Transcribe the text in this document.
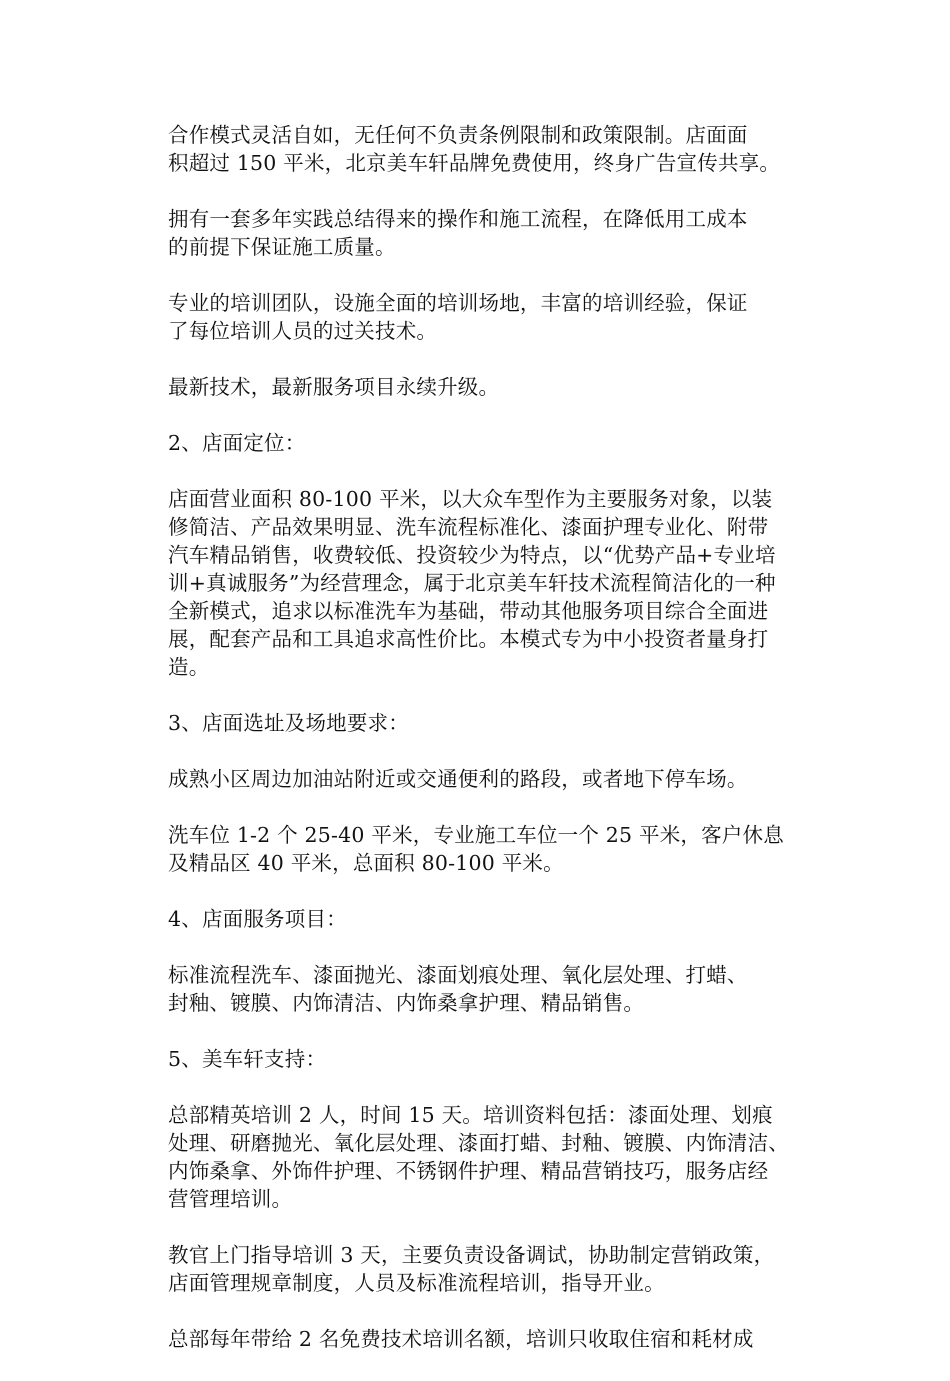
合作模式灵活自如，无任何不负责条例限制和政策限制。店面面
积超过 150 平米，北京美车轩品牌免费使用，终身广告宣传共享。

拥有一套多年实践总结得来的操作和施工流程，在降低用工成本
的前提下保证施工质量。

专业的培训团队，设施全面的培训场地，丰富的培训经验，保证
了每位培训人员的过关技术。

最新技术，最新服务项目永续升级。

2、店面定位：

店面营业面积 80-100 平米，以大众车型作为主要服务对象，以装
修简洁、产品效果明显、洗车流程标准化、漆面护理专业化、附带
汽车精品销售，收费较低、投资较少为特点，以“优势产品+专业培
训+真诚服务”为经营理念，属于北京美车轩技术流程简洁化的一种
全新模式，追求以标准洗车为基础，带动其他服务项目综合全面进
展，配套产品和工具追求高性价比。本模式专为中小投资者量身打
造。

3、店面选址及场地要求：

成熟小区周边加油站附近或交通便利的路段，或者地下停车场。

洗车位 1-2 个 25-40 平米，专业施工车位一个 25 平米，客户休息
及精品区 40 平米，总面积 80-100 平米。

4、店面服务项目：

标准流程洗车、漆面抛光、漆面划痕处理、氧化层处理、打蜡、
封釉、镀膜、内饰清洁、内饰桑拿护理、精品销售。

5、美车轩支持：

总部精英培训 2 人，时间 15 天。培训资料包括：漆面处理、划痕
处理、研磨抛光、氧化层处理、漆面打蜡、封釉、镀膜、内饰清洁、
内饰桑拿、外饰件护理、不锈钢件护理、精品营销技巧，服务店经
营管理培训。

教官上门指导培训 3 天，主要负责设备调试，协助制定营销政策，
店面管理规章制度，人员及标准流程培训，指导开业。

总部每年带给 2 名免费技术培训名额，培训只收取住宿和耗材成
